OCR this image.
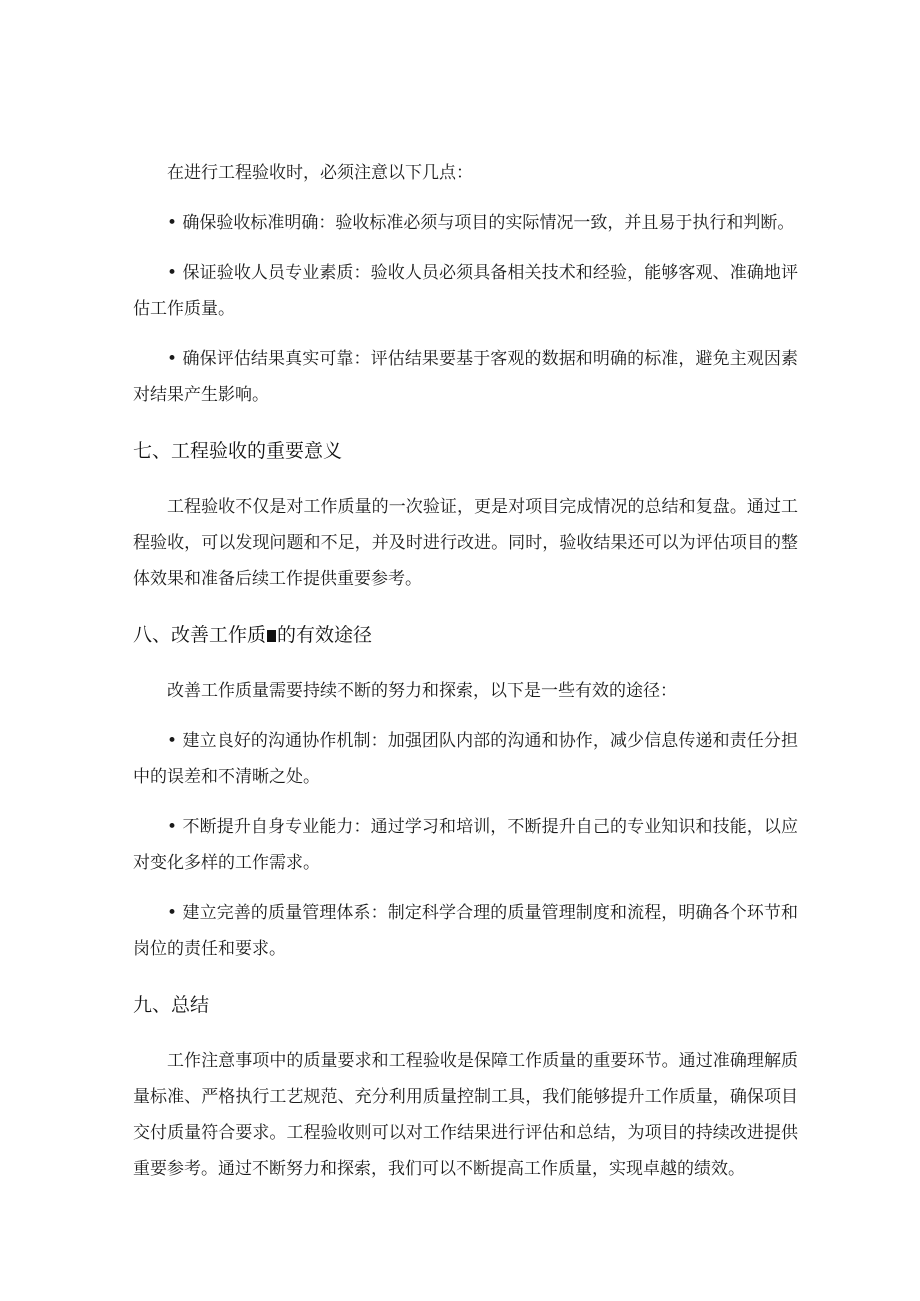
在进行工程验收时，必须注意以下几点：

• 确保验收标准明确：验收标准必须与项目的实际情况一致，并且易于执行和判断。

• 保证验收人员专业素质：验收人员必须具备相关技术和经验，能够客观、准确地评估工作质量。

• 确保评估结果真实可靠：评估结果要基于客观的数据和明确的标准，避免主观因素对结果产生影响。

七、工程验收的重要意义

工程验收不仅是对工作质量的一次验证，更是对项目完成情况的总结和复盘。通过工程验收，可以发现问题和不足，并及时进行改进。同时，验收结果还可以为评估项目的整体效果和准备后续工作提供重要参考。

八、改善工作质 的有效途径

改善工作质量需要持续不断的努力和探索，以下是一些有效的途径：

• 建立良好的沟通协作机制：加强团队内部的沟通和协作，减少信息传递和责任分担中的误差和不清晰之处。

• 不断提升自身专业能力：通过学习和培训，不断提升自己的专业知识和技能，以应对变化多样的工作需求。

• 建立完善的质量管理体系：制定科学合理的质量管理制度和流程，明确各个环节和岗位的责任和要求。

九、总结

工作注意事项中的质量要求和工程验收是保障工作质量的重要环节。通过准确理解质量标准、严格执行工艺规范、充分利用质量控制工具，我们能够提升工作质量，确保项目交付质量符合要求。工程验收则可以对工作结果进行评估和总结，为项目的持续改进提供重要参考。通过不断努力和探索，我们可以不断提高工作质量，实现卓越的绩效。
